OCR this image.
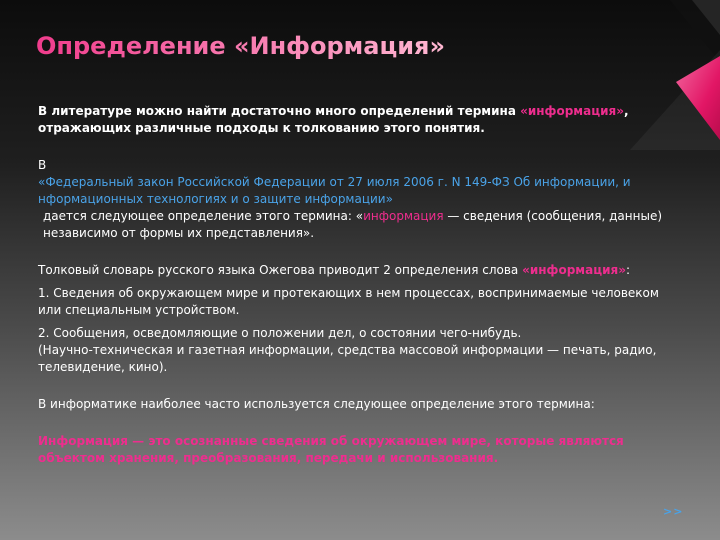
Определение «Информация»

В литературе можно найти достаточно много определений термина «информация», отражающих различные подходы к толкованию этого понятия.

В

«Федеральный закон Российской Федерации от 27 июля 2006 г. N 149-ФЗ Об информации, и нформационных технологиях и о защите информации»

дается следующее определение этого термина: «информация — сведения (сообщения, данные) независимо от формы их представления».

Толковый словарь русского языка Ожегова приводит 2 определения слова «информация»:

1. Сведения об окружающем мире и протекающих в нем процессах, воспринимаемые человеком или специальным устройством.

2. Сообщения, осведомляющие о положении дел, о состоянии чего-нибудь.

(Научно-техническая и газетная информации, средства массовой информации — печать, радио, телевидение, кино).

В информатике наиболее часто используется следующее определение этого термина:

Информация — это осознанные сведения об окружающем мире, которые являются объектом хранения, преобразования, передачи и использования.

>>
